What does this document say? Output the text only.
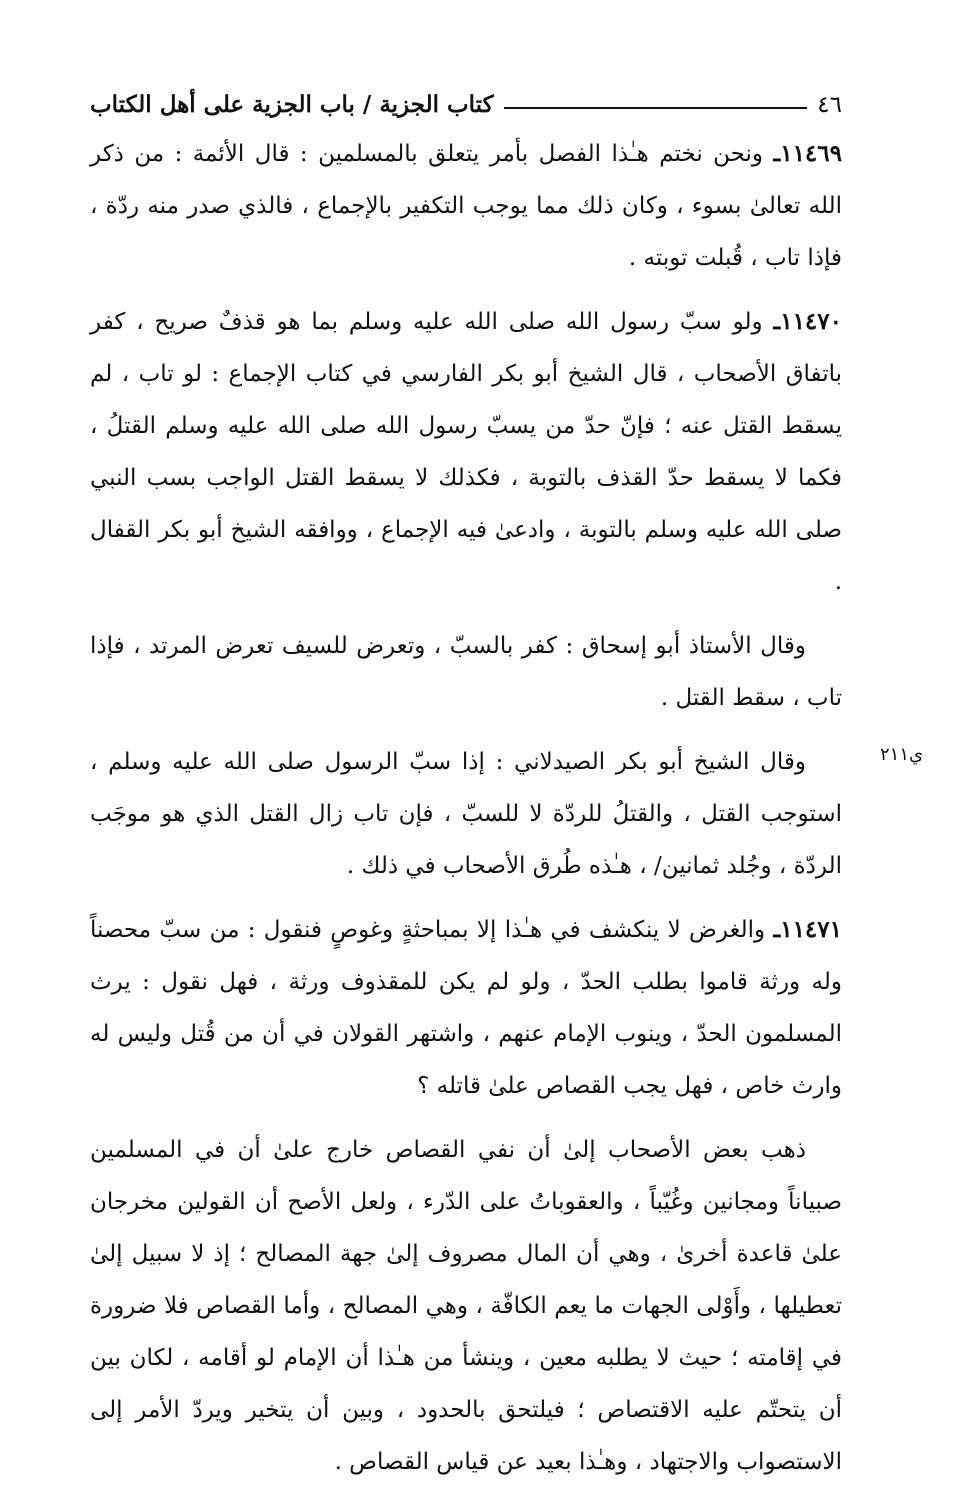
٤٦
كتاب الجزية / باب الجزية على أهل الكتاب

١١٤٦٩ـ ونحن نختم هـٰذا الفصل بأمر يتعلق بالمسلمين : قال الأئمة : من ذكر الله تعالىٰ بسوء ، وكان ذلك مما يوجب التكفير بالإجماع ، فالذي صدر منه ردّة ، فإذا تاب ، قُبلت توبته .

١١٤٧٠ـ ولو سبّ رسول الله صلى الله عليه وسلم بما هو قذفٌ صريح ، كفر باتفاق الأصحاب ، قال الشيخ أبو بكر الفارسي في كتاب الإجماع : لو تاب ، لم يسقط القتل عنه ؛ فإنّ حدّ من يسبّ رسول الله صلى الله عليه وسلم القتلُ ، فكما لا يسقط حدّ القذف بالتوبة ، فكذلك لا يسقط القتل الواجب بسب النبي صلى الله عليه وسلم بالتوبة ، وادعىٰ فيه الإجماع ، ووافقه الشيخ أبو بكر القفال .

وقال الأستاذ أبو إسحاق : كفر بالسبّ ، وتعرض للسيف تعرض المرتد ، فإذا تاب ، سقط القتل .

وقال الشيخ أبو بكر الصيدلاني : إذا سبّ الرسول صلى الله عليه وسلم ، استوجب القتل ، والقتلُ للردّة لا للسبّ ، فإن تاب زال القتل الذي هو موجَب الردّة ، وجُلد ثمانين/ ، هـٰذه طُرق الأصحاب في ذلك .

١١٤٧١ـ والغرض لا ينكشف في هـٰذا إلا بمباحثةٍ وغوصٍ فنقول : من سبّ محصناً وله ورثة قاموا بطلب الحدّ ، ولو لم يكن للمقذوف ورثة ، فهل نقول : يرث المسلمون الحدّ ، وينوب الإمام عنهم ، واشتهر القولان في أن من قُتل وليس له وارث خاص ، فهل يجب القصاص علىٰ قاتله ؟

ذهب بعض الأصحاب إلىٰ أن نفي القصاص خارج علىٰ أن في المسلمين صبياناً ومجانين وغُيّباً ، والعقوباتُ على الدّرء ، ولعل الأصح أن القولين مخرجان علىٰ قاعدة أخرىٰ ، وهي أن المال مصروف إلىٰ جهة المصالح ؛ إذ لا سبيل إلىٰ تعطيلها ، وأَوْلى الجهات ما يعم الكافّة ، وهي المصالح ، وأما القصاص فلا ضرورة في إقامته ؛ حيث لا يطلبه معين ، وينشأ من هـٰذا أن الإمام لو أقامه ، لكان بين أن يتحتّم عليه الاقتصاص ؛ فيلتحق بالحدود ، وبين أن يتخير ويردّ الأمر إلى الاستصواب والاجتهاد ، وهـٰذا بعيد عن قياس القصاص .

ي٢١١
